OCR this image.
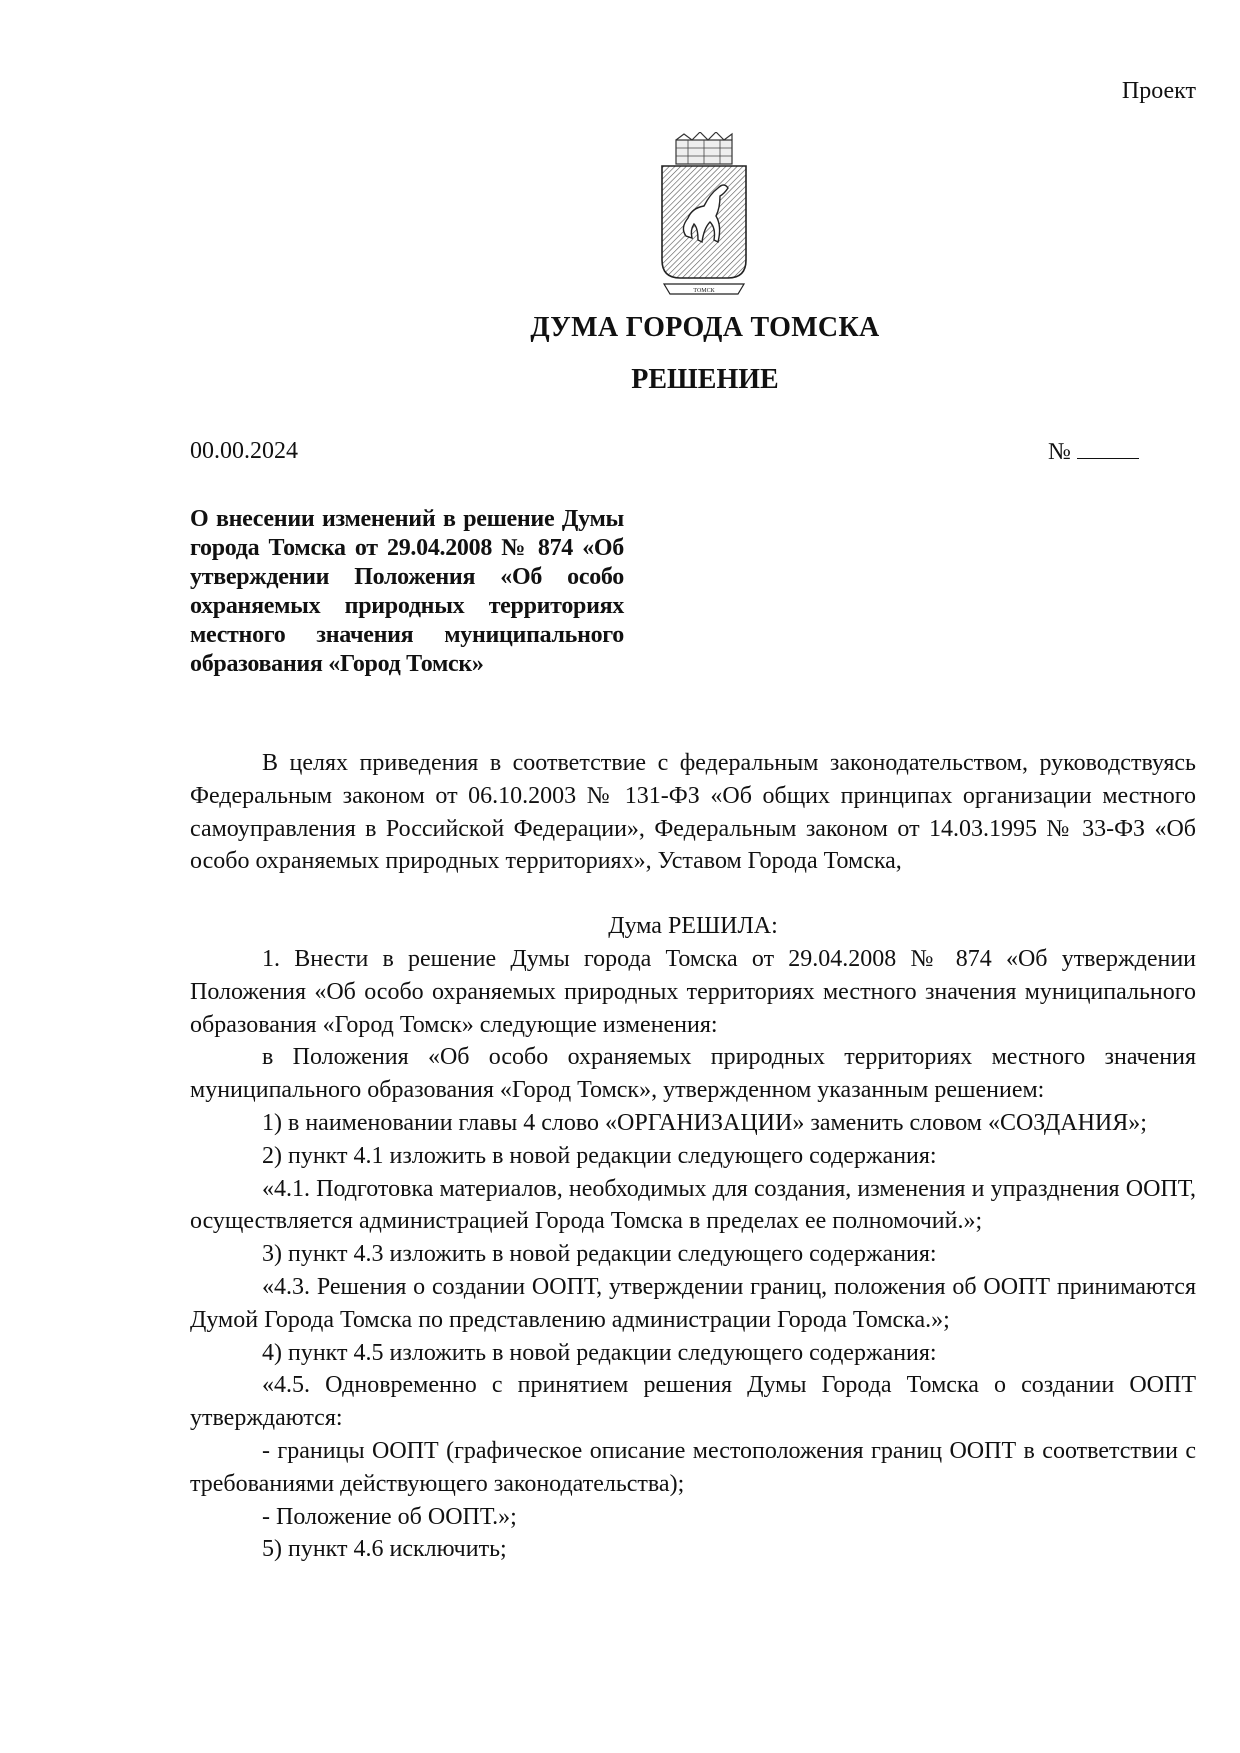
Проект
ТОМСК
ДУМА ГОРОДА ТОМСКА
РЕШЕНИЕ
00.00.2024	№
О внесении изменений в решение Думы города Томска от 29.04.2008 № 874 «Об утверждении Положения «Об особо охраняемых природных территориях местного значения муниципального образования «Город Томск»

В целях приведения в соответствие с федеральным законодательством, руководствуясь Федеральным законом от 06.10.2003 № 131-ФЗ «Об общих принципах организации местного самоуправления в Российской Федерации», Федеральным законом от 14.03.1995 № 33-ФЗ «Об особо охраняемых природных территориях», Уставом Города Томска,

Дума РЕШИЛА:

1. Внести в решение Думы города Томска от 29.04.2008 № 874 «Об утверждении Положения «Об особо охраняемых природных территориях местного значения муниципального образования «Город Томск» следующие изменения:

в Положения «Об особо охраняемых природных территориях местного значения муниципального образования «Город Томск», утвержденном указанным решением:

1) в наименовании главы 4 слово «ОРГАНИЗАЦИИ» заменить словом «СОЗДАНИЯ»;

2) пункт 4.1 изложить в новой редакции следующего содержания:

«4.1. Подготовка материалов, необходимых для создания, изменения и упразднения ООПТ, осуществляется администрацией Города Томска в пределах ее полномочий.»;

3) пункт 4.3 изложить в новой редакции следующего содержания:

«4.3. Решения о создании ООПТ, утверждении границ, положения об ООПТ принимаются Думой Города Томска по представлению администрации Города Томска.»;

4) пункт 4.5 изложить в новой редакции следующего содержания:

«4.5. Одновременно с принятием решения Думы Города Томска о создании ООПТ утверждаются:

- границы ООПТ (графическое описание местоположения границ ООПТ в соответствии с требованиями действующего законодательства);

- Положение об ООПТ.»;

5) пункт 4.6 исключить;
